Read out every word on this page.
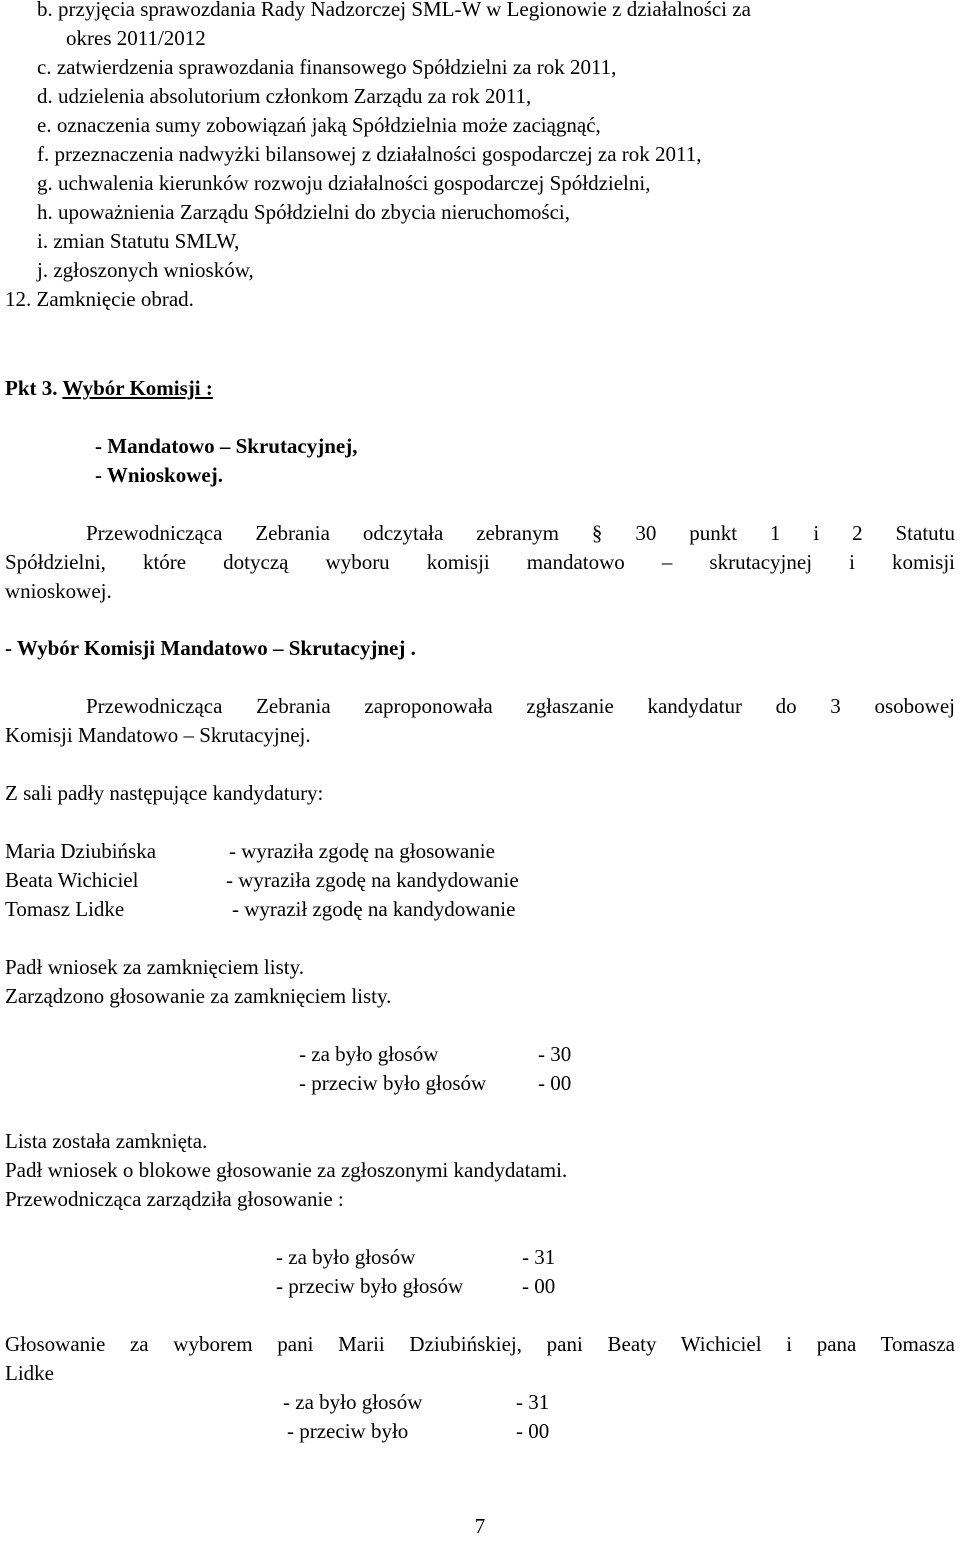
b. przyjęcia sprawozdania Rady Nadzorczej SML-W w Legionowie z działalności za
okres 2011/2012
c. zatwierdzenia sprawozdania finansowego Spółdzielni za rok 2011,
d. udzielenia absolutorium członkom Zarządu za rok 2011,
e. oznaczenia sumy zobowiązań jaką Spółdzielnia może zaciągnąć,
f. przeznaczenia nadwyżki bilansowej z działalności gospodarczej za rok 2011,
g. uchwalenia kierunków rozwoju działalności gospodarczej Spółdzielni,
h. upoważnienia Zarządu Spółdzielni do zbycia nieruchomości,
i. zmian Statutu SMLW,
j. zgłoszonych wniosków,
12. Zamknięcie obrad.
Pkt 3. Wybór Komisji :
- Mandatowo – Skrutacyjnej,
- Wnioskowej.
Przewodnicząca Zebrania odczytała zebranym § 30 punkt 1 i 2 Statutu
Spółdzielni, które dotyczą wyboru komisji mandatowo – skrutacyjnej i komisji
wnioskowej.
- Wybór Komisji Mandatowo – Skrutacyjnej .
Przewodnicząca Zebrania zaproponowała zgłaszanie kandydatur do 3 osobowej
Komisji Mandatowo – Skrutacyjnej.
Z sali padły następujące kandydatury:
Maria Dziubińska	- wyraziła zgodę na głosowanie
Beata Wichiciel	- wyraziła zgodę na kandydowanie
Tomasz Lidke	- wyraził zgodę na kandydowanie
Padł wniosek za zamknięciem listy.
Zarządzono głosowanie za zamknięciem listy.
- za było głosów	- 30
- przeciw było głosów - 00
Lista została zamknięta.
Padł wniosek o blokowe głosowanie za zgłoszonymi kandydatami.
Przewodnicząca zarządziła głosowanie :
- za było głosów	- 31
- przeciw było głosów	- 00
Głosowanie za wyborem pani Marii Dziubińskiej, pani Beaty Wichiciel i pana Tomasza
Lidke
- za było głosów	- 31
- przeciw było	- 00
7
